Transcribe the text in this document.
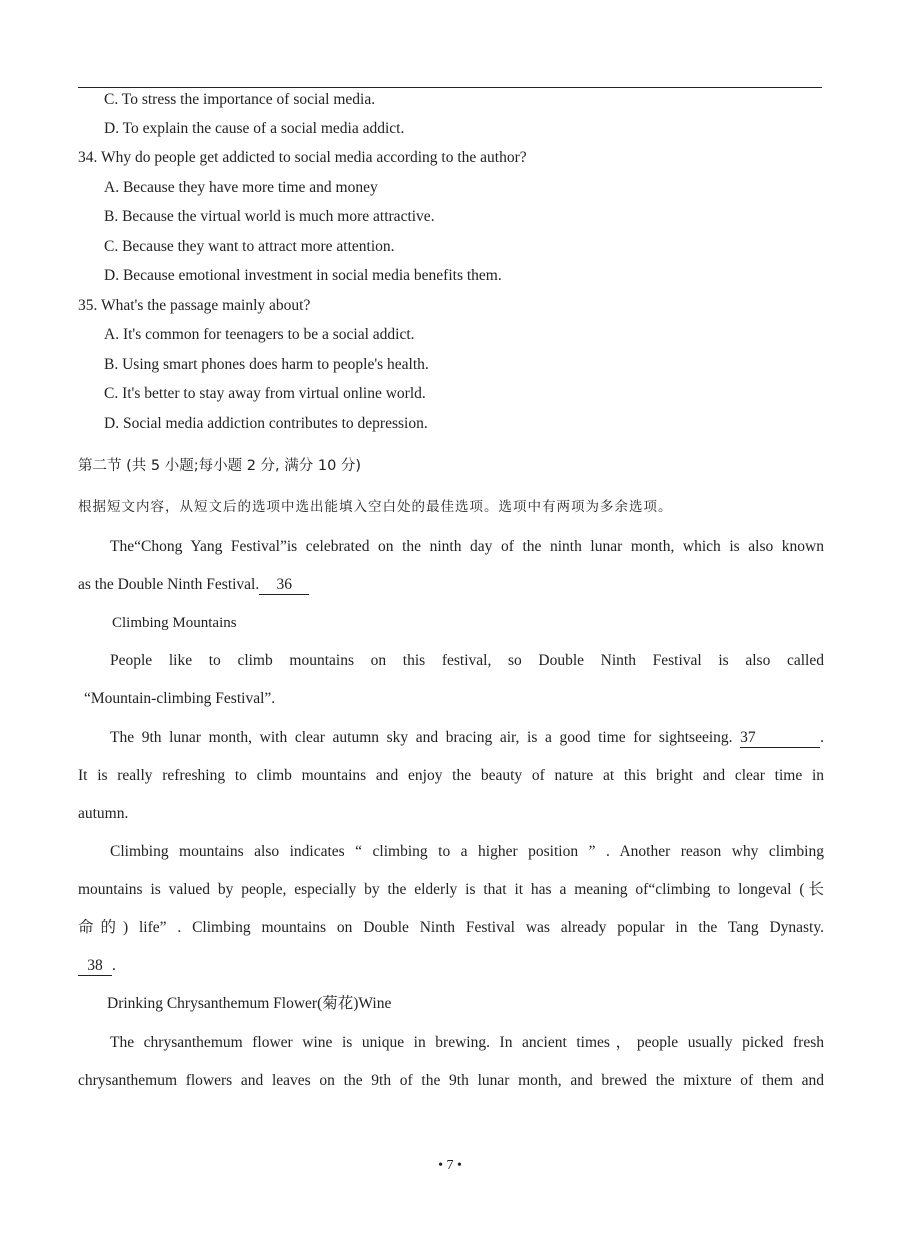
C. To stress the importance of social media.
D. To explain the cause of a social media addict.
34. Why do people get addicted to social media according to the author?
A. Because they have more time and money
B. Because the virtual world is much more attractive.
C. Because they want to attract more attention.
D. Because emotional investment in social media benefits them.
35. What's the passage mainly about?
A. It's common for teenagers to be a social addict.
B. Using smart phones does harm to people's health.
C. It's better to stay away from virtual online world.
D. Social media addiction contributes to depression.
第二节 (共 5 小题;每小题 2 分, 满分 10 分)
根据短文内容，从短文后的选项中选出能填入空白处的最佳选项。选项中有两项为多余选项。
The“Chong Yang Festival”is celebrated on the ninth day of the ninth lunar month, which is also known
as the Double Ninth Festival. 36
Climbing Mountains
People like to climb mountains on this festival, so Double Ninth Festival is also called
“Mountain-climbing Festival”.
The 9th lunar month, with clear autumn sky and bracing air, is a good time for sightseeing. 37	.
It is really refreshing to climb mountains and enjoy the beauty of nature at this bright and clear time in
autumn.
Climbing mountains also indicates “ climbing to a higher position ” . Another reason why climbing
mountains is valued by people, especially by the elderly is that it has a meaning of“climbing to longeval (长
命的) life” . Climbing mountains on Double Ninth Festival was already popular in the Tang Dynasty.
38 .
Drinking Chrysanthemum Flower(菊花)Wine
The chrysanthemum flower wine is unique in brewing. In ancient times，people usually picked fresh
chrysanthemum flowers and leaves on the 9th of the 9th lunar month, and brewed the mixture of them and
• 7 •
